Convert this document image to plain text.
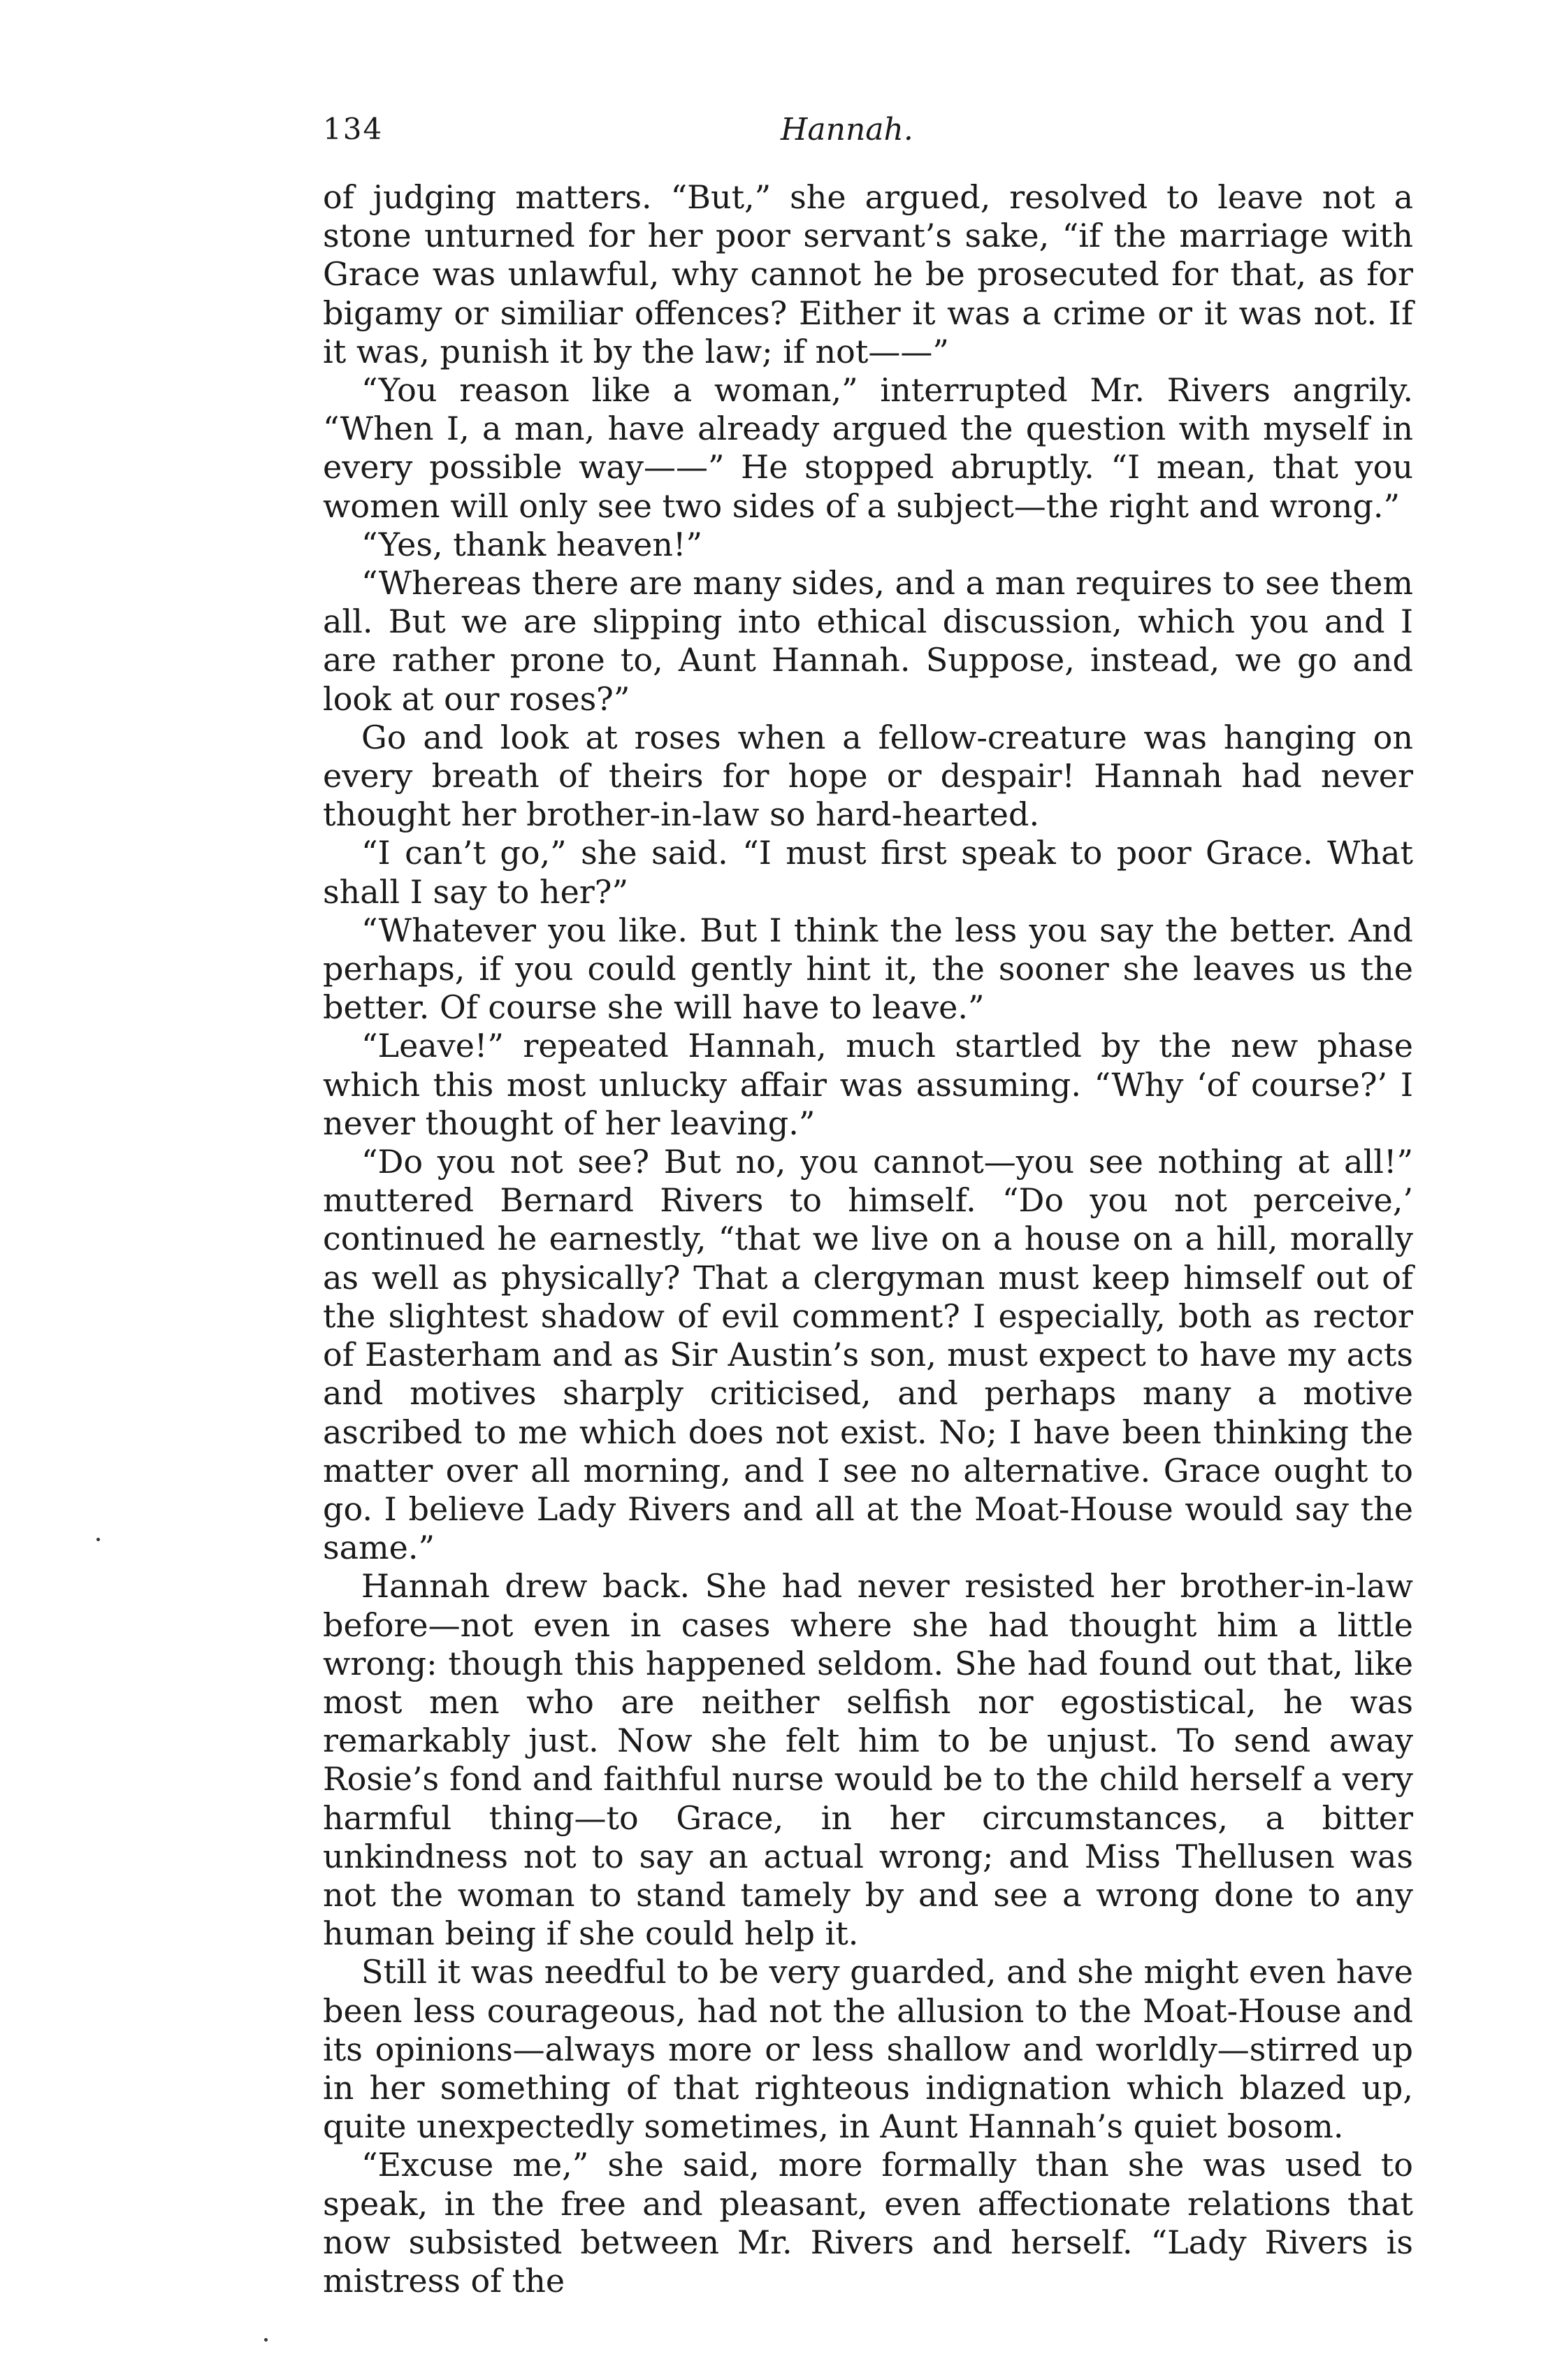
134	Hannah.

of judging matters. “But,” she argued, resolved to leave not a stone unturned for her poor servant’s sake, “if the marriage with Grace was unlawful, why cannot he be prosecuted for that, as for bigamy or similiar offences? Either it was a crime or it was not. If it was, punish it by the law; if not——”

“You reason like a woman,” interrupted Mr. Rivers angrily. “When I, a man, have already argued the question with myself in every possible way——” He stopped abruptly. “I mean, that you women will only see two sides of a subject—the right and wrong.”

“Yes, thank heaven!”

“Whereas there are many sides, and a man requires to see them all. But we are slipping into ethical discussion, which you and I are rather prone to, Aunt Hannah. Suppose, instead, we go and look at our roses?”

Go and look at roses when a fellow-creature was hanging on every breath of theirs for hope or despair! Hannah had never thought her brother-in-law so hard-hearted.

“I can’t go,” she said. “I must first speak to poor Grace. What shall I say to her?”

“Whatever you like. But I think the less you say the better. And perhaps, if you could gently hint it, the sooner she leaves us the better. Of course she will have to leave.”

“Leave!” repeated Hannah, much startled by the new phase which this most unlucky affair was assuming. “Why ‘of course?’ I never thought of her leaving.”

“Do you not see? But no, you cannot—you see nothing at all!” muttered Bernard Rivers to himself. “Do you not perceive,’ continued he earnestly, “that we live on a house on a hill, morally as well as physically? That a clergyman must keep himself out of the slightest shadow of evil comment? I especially, both as rector of Easterham and as Sir Austin’s son, must expect to have my acts and motives sharply criticised, and perhaps many a motive ascribed to me which does not exist. No; I have been thinking the matter over all morning, and I see no alternative. Grace ought to go. I believe Lady Rivers and all at the Moat-House would say the same.”

Hannah drew back. She had never resisted her brother-in-law before—not even in cases where she had thought him a little wrong: though this happened seldom. She had found out that, like most men who are neither selfish nor egostistical, he was remarkably just. Now she felt him to be unjust. To send away Rosie’s fond and faithful nurse would be to the child herself a very harmful thing—to Grace, in her circumstances, a bitter unkindness not to say an actual wrong; and Miss Thellusen was not the woman to stand tamely by and see a wrong done to any human being if she could help it.

Still it was needful to be very guarded, and she might even have been less courageous, had not the allusion to the Moat-House and its opinions—always more or less shallow and worldly—stirred up in her something of that righteous indignation which blazed up, quite unexpectedly sometimes, in Aunt Hannah’s quiet bosom.

“Excuse me,” she said, more formally than she was used to speak, in the free and pleasant, even affectionate relations that now subsisted between Mr. Rivers and herself. “Lady Rivers is mistress of the
